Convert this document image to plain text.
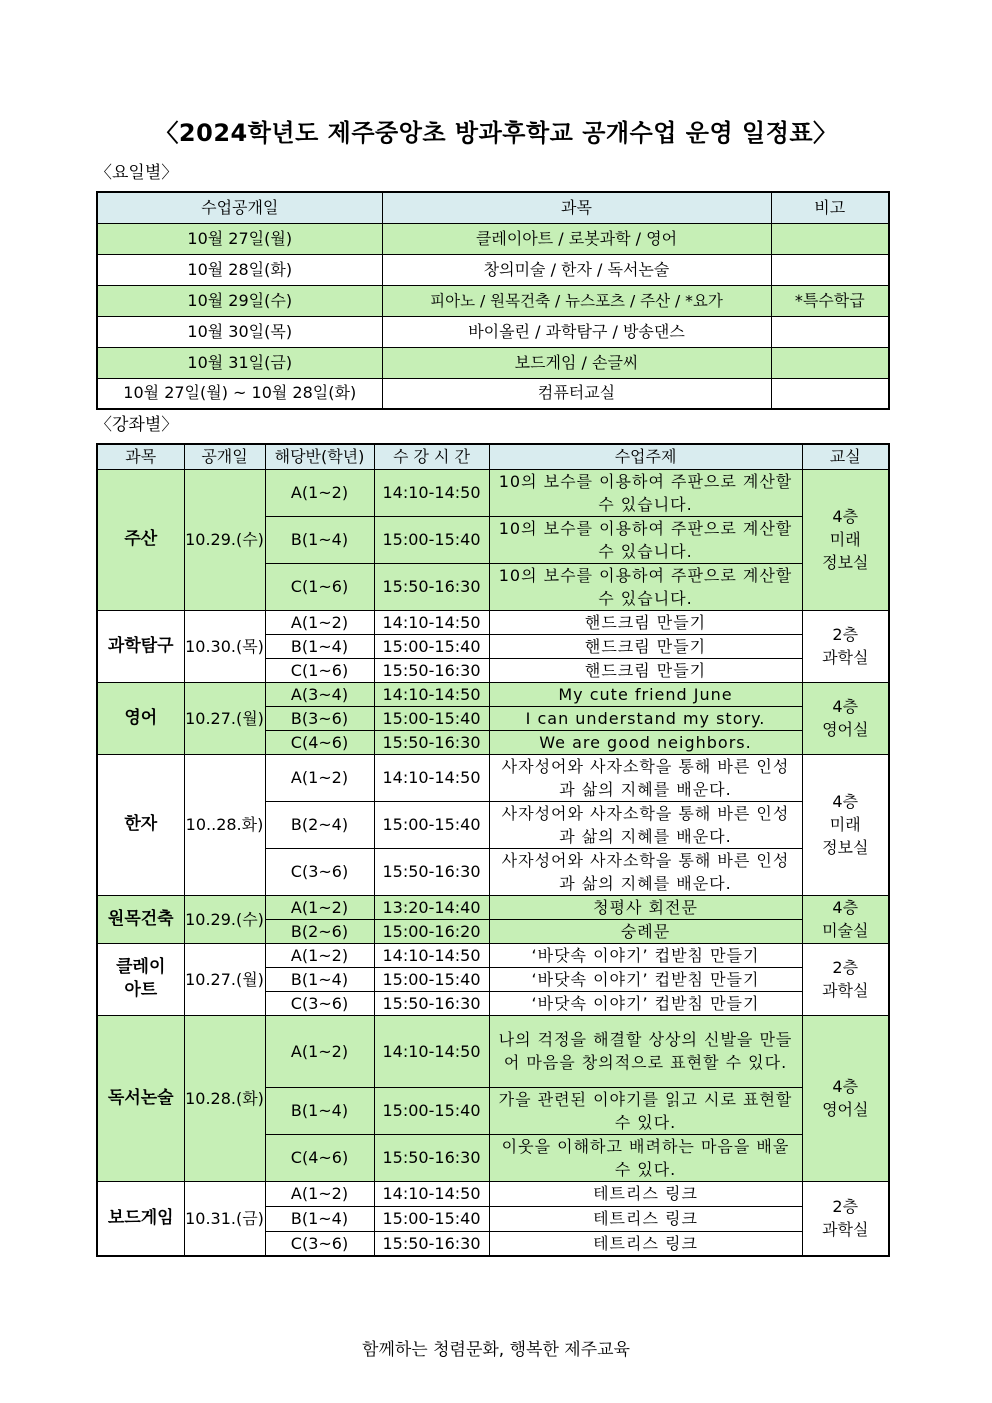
〈2024학년도 제주중앙초 방과후학교 공개수업 운영 일정표〉
〈요일별〉
수업공개일	과목	비고
10월 27일(월)	클레이아트 / 로봇과학 / 영어	
10월 28일(화)	창의미술 / 한자 / 독서논술	
10월 29일(수)	피아노 / 원목건축 / 뉴스포츠 / 주산 / *요가	*특수학급
10월 30일(목)	바이올린 / 과학탐구 / 방송댄스	
10월 31일(금)	보드게임 / 손글씨	
10월 27일(월) ~ 10월 28일(화)	컴퓨터교실	
〈강좌별〉
과목	공개일	해당반(학년)	수 강 시 간	수업주제	교실
주산	10.29.(수)	A(1~2)	14:10-14:50	10의 보수를 이용하여 주판으로 계산할 수 있습니다.	4층
미래
정보실
		B(1~4)	15:00-15:40	10의 보수를 이용하여 주판으로 계산할 수 있습니다.	
		C(1~6)	15:50-16:30	10의 보수를 이용하여 주판으로 계산할 수 있습니다.	
과학탐구	10.30.(목)	A(1~2)	14:10-14:50	핸드크림 만들기	2층
과학실
		B(1~4)	15:00-15:40	핸드크림 만들기	
		C(1~6)	15:50-16:30	핸드크림 만들기	
영어	10.27.(월)	A(3~4)	14:10-14:50	My cute friend June	4층
영어실
		B(3~6)	15:00-15:40	I can understand my story.	
		C(4~6)	15:50-16:30	We are good neighbors.	
한자	10..28.화)	A(1~2)	14:10-14:50	사자성어와 사자소학을 통해 바른 인성과 삶의 지혜를 배운다.	4층
미래
정보실
		B(2~4)	15:00-15:40	사자성어와 사자소학을 통해 바른 인성과 삶의 지혜를 배운다.	
		C(3~6)	15:50-16:30	사자성어와 사자소학을 통해 바른 인성과 삶의 지혜를 배운다.	
원목건축	10.29.(수)	A(1~2)	13:20-14:40	청평사 회전문	4층
미술실
		B(2~6)	15:00-16:20	숭례문	
클레이
아트	10.27.(월)	A(1~2)	14:10-14:50	‘바닷속 이야기’ 컵받침 만들기	2층
과학실
		B(1~4)	15:00-15:40	‘바닷속 이야기’ 컵받침 만들기	
		C(3~6)	15:50-16:30	‘바닷속 이야기’ 컵받침 만들기	
독서논술	10.28.(화)	A(1~2)	14:10-14:50	나의 걱정을 해결할 상상의 신발을 만들어 마음을 창의적으로 표현할 수 있다.	4층
영어실
		B(1~4)	15:00-15:40	가을 관련된 이야기를 읽고 시로 표현할 수 있다.	
		C(4~6)	15:50-16:30	이웃을 이해하고 배려하는 마음을 배울 수 있다.	
보드게임	10.31.(금)	A(1~2)	14:10-14:50	테트리스 링크	2층
과학실
		B(1~4)	15:00-15:40	테트리스 링크	
		C(3~6)	15:50-16:30	테트리스 링크	
함께하는 청렴문화, 행복한 제주교육
